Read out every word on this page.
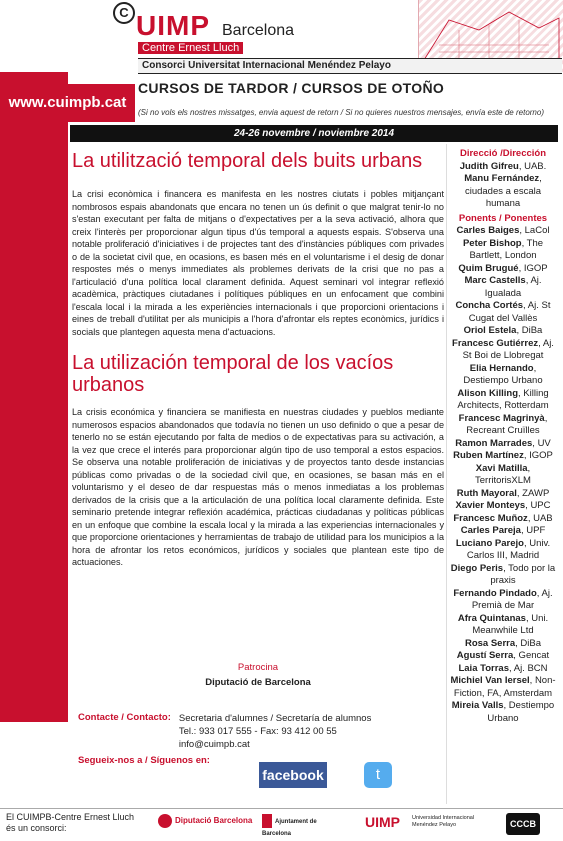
C UIMP Barcelona
Centre Ernest Lluch
Consorci Universitat Internacional Menéndez Pelayo
www.cuimpb.cat
CURSOS DE TARDOR / CURSOS DE OTOÑO
(Si no vols els nostres missatges, envia aquest de retorn / Si no quieres nuestros mensajes, envía este de retorno)
24-26 novembre / noviembre 2014
La utilització temporal dels buits urbans

La crisi econòmica i financera es manifesta en les nostres ciutats i pobles mitjançant nombrosos espais abandonats que encara no tenen un ús definit o que malgrat tenir-lo no s'estan executant per falta de mitjans o d'expectatives per a la seva activació, alhora que creix l'interès per proporcionar algun tipus d'ús temporal a aquests espais. S'observa una notable proliferació d'iniciatives i de projectes tant des d'instàncies públiques com privades o de la societat civil que, en ocasions, es basen més en el voluntarisme i el desig de donar respostes més o menys immediates als problemes derivats de la crisi que no pas a l'articulació d'una política local clarament definida. Aquest seminari vol integrar reflexió acadèmica, pràctiques ciutadanes i polítiques públiques en un enfocament que combini l'escala local i la mirada a les experiències internacionals i que proporcioni orientacions i eines de treball d'utilitat per als municipis a l'hora d'afrontar els reptes econòmics, jurídics i socials que plantegen aquesta mena d'actuacions.

La utilización temporal de los vacíos urbanos

La crisis económica y financiera se manifiesta en nuestras ciudades y pueblos mediante numerosos espacios abandonados que todavía no tienen un uso definido o que a pesar de tenerlo no se están ejecutando por falta de medios o de expectativas para su activación, a la vez que crece el interés para proporcionar algún tipo de uso temporal a estos espacios. Se observa una notable proliferación de iniciativas y de proyectos tanto desde instancias públicas como privadas o de la sociedad civil que, en ocasiones, se basan más en el voluntarismo y el deseo de dar respuestas más o menos inmediatas a los problemas derivados de la crisis que a la articulación de una política local claramente definida. Este seminario pretende integrar reflexión académica, prácticas ciudadanas y políticas públicas en un enfoque que combine la escala local y la mirada a las experiencias internacionales y que proporcione orientaciones y herramientas de trabajo de utilidad para los municipios a la hora de afrontar los retos económicos, jurídicos y sociales que plantean este tipo de actuaciones.

Patrocina
Diputació de Barcelona
Contacte / Contacto: Secretaria d'alumnes / Secretaría de alumnos
Tel.: 933 017 555 - Fax: 93 412 00 55
info@cuimpb.cat
Segueix-nos a / Síguenos en:
facebook	t

Direcció /Dirección

Judith Gifreu, UAB.

Manu Fernández,

ciudades a escala

humana

Ponents / Ponentes

Carles Baiges, LaCol

Peter Bishop, The

Bartlett, London

Quim Brugué, IGOP

Marc Castells, Aj.

Igualada

Concha Cortés, Aj. St

Cugat del Vallès

Oriol Estela, DiBa

Francesc Gutiérrez, Aj.

St Boi de Llobregat

Elia Hernando,

Destiempo Urbano

Alison Killing, Killing

Architects, Rotterdam

Francesc Magrinyà,

Recreant Cruïlles

Ramon Marrades, UV

Ruben Martínez, IGOP

Xavi Matilla,

TerritorisXLM

Ruth Mayoral, ZAWP

Xavier Monteys, UPC

Francesc Muñoz, UAB

Carles Pareja, UPF

Luciano Parejo, Univ.

Carlos III, Madrid

Diego Peris, Todo por la

praxis

Fernando Pindado, Aj.

Premià de Mar

Afra Quintanas, Uni.

Meanwhile Ltd

Rosa Serra, DiBa

Agustí Serra, Gencat

Laia Torras, Aj. BCN

Michiel Van Iersel, Non-

Fiction, FA, Amsterdam

Mireia Valls, Destiempo

Urbano

El CUIMPB-Centre Ernest Lluch
és un consorci:
Diputació Barcelona	Ajuntament de Barcelona
UIMP Universidad Internacional Menéndez Pelayo	CCCB
